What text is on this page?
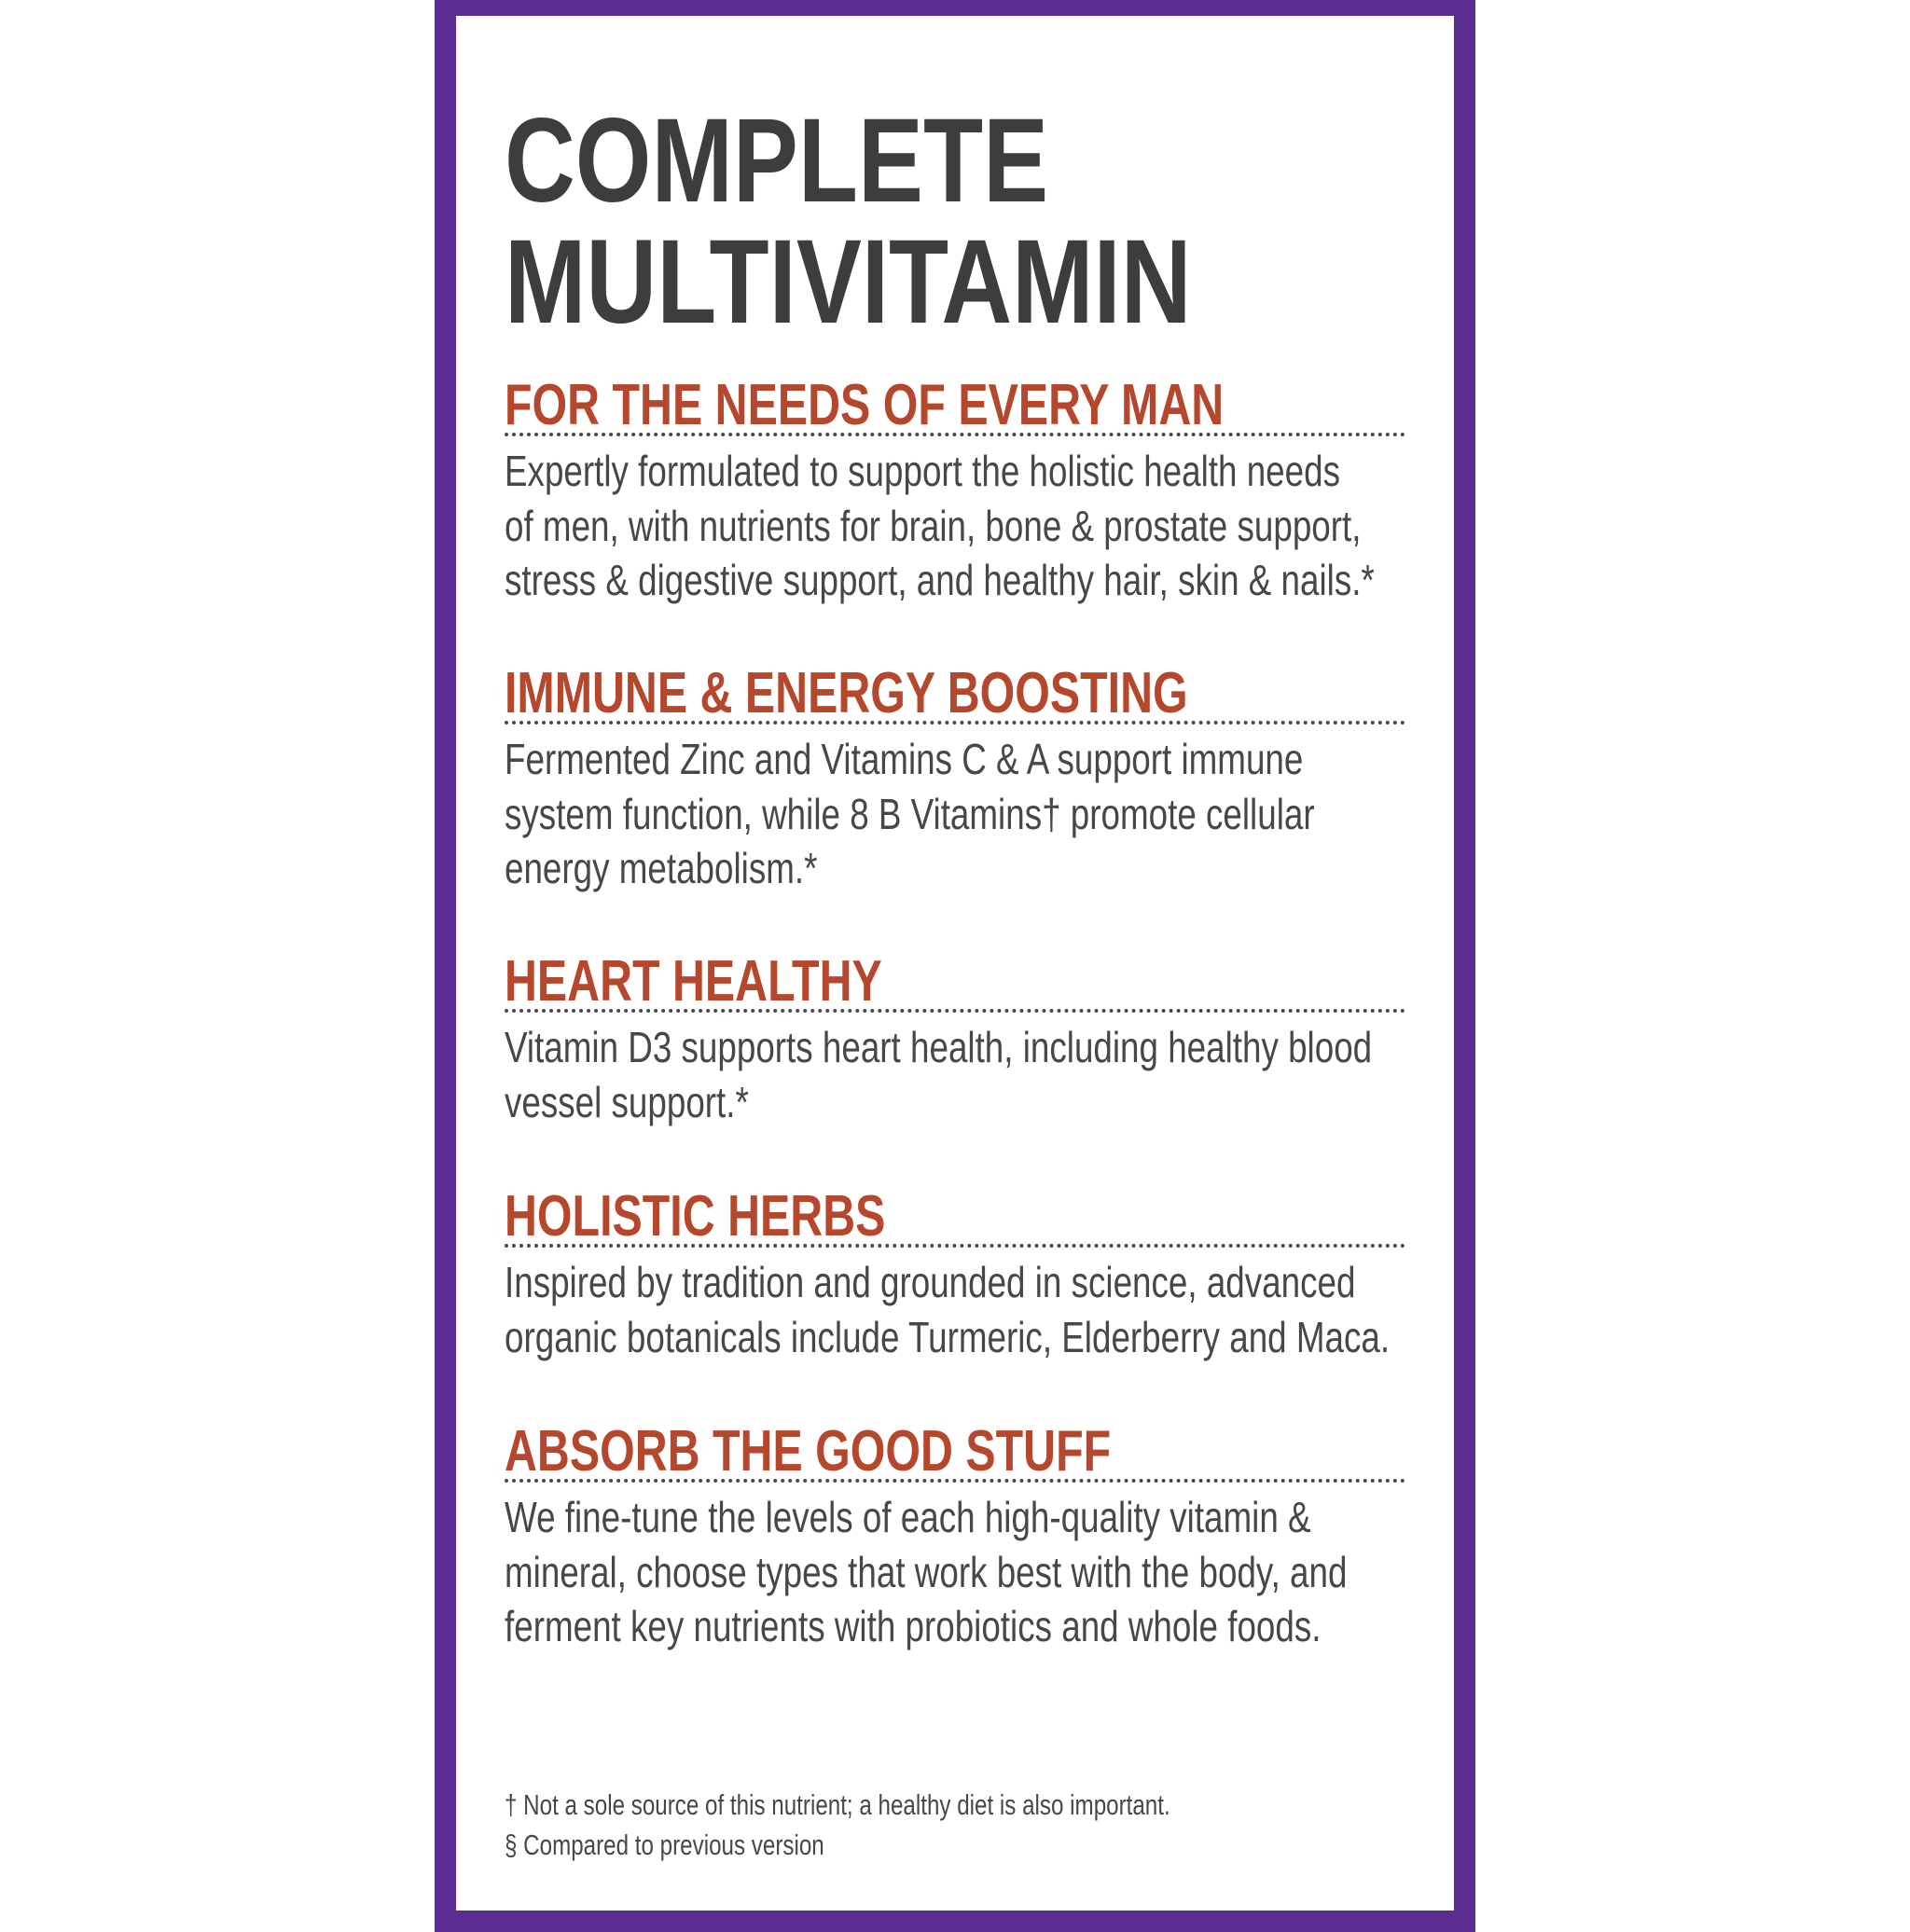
COMPLETE
MULTIVITAMIN
FOR THE NEEDS OF EVERY MAN
Expertly formulated to support the holistic health needs
of men, with nutrients for brain, bone & prostate support,
stress & digestive support, and healthy hair, skin & nails.*
IMMUNE & ENERGY BOOSTING
Fermented Zinc and Vitamins C & A support immune
system function, while 8 B Vitamins† promote cellular
energy metabolism.*
HEART HEALTHY
Vitamin D3 supports heart health, including healthy blood
vessel support.*
HOLISTIC HERBS
Inspired by tradition and grounded in science, advanced
organic botanicals include Turmeric, Elderberry and Maca.
ABSORB THE GOOD STUFF
We fine-tune the levels of each high-quality vitamin &
mineral, choose types that work best with the body, and
ferment key nutrients with probiotics and whole foods.
† Not a sole source of this nutrient; a healthy diet is also important.
§ Compared to previous version
